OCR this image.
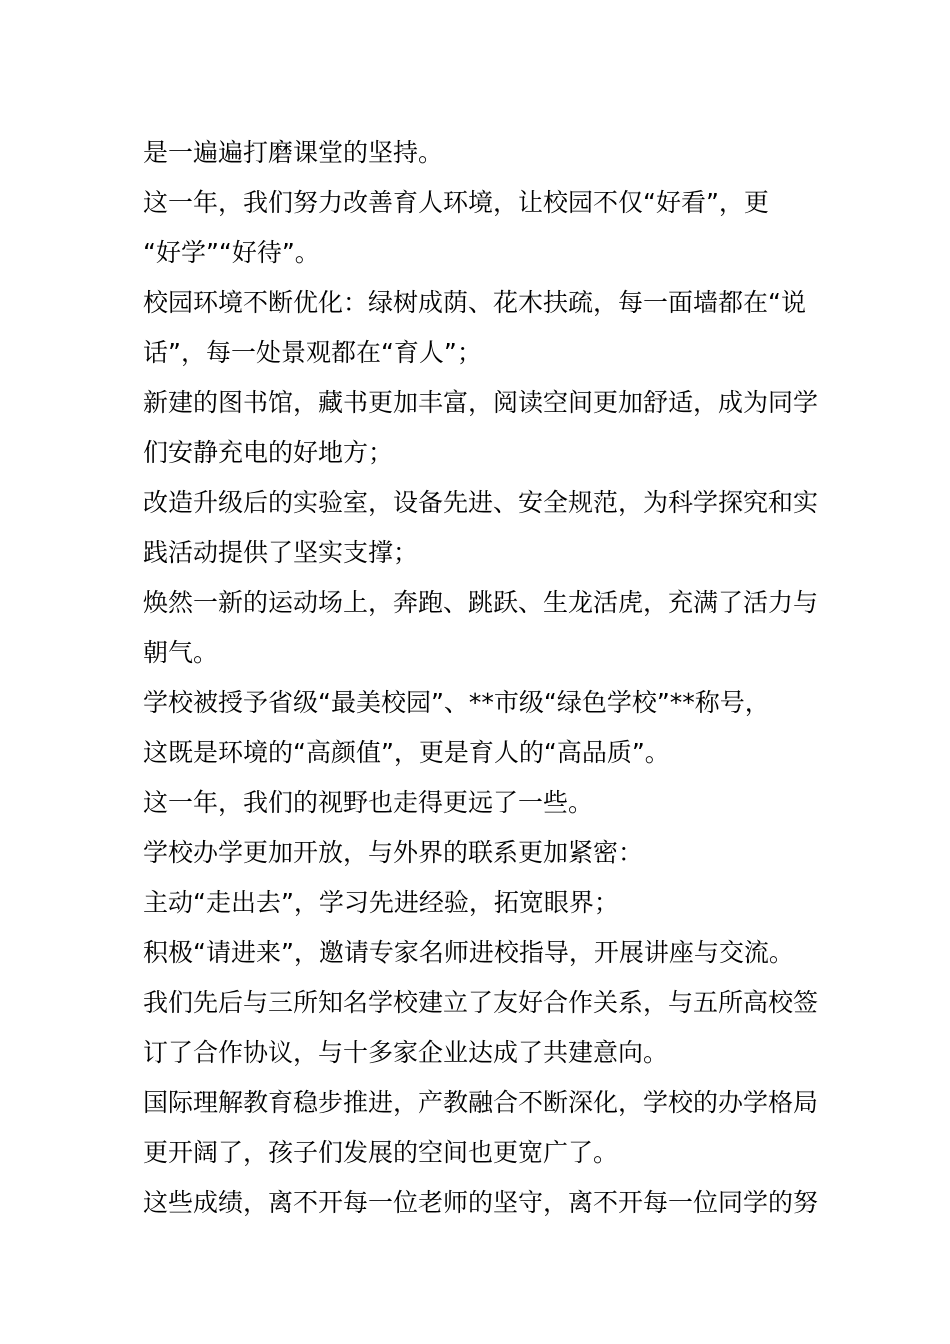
是一遍遍打磨课堂的坚持。
这一年，我们努力改善育人环境，让校园不仅“好看”，更
“好学”“好待”。
校园环境不断优化：绿树成荫、花木扶疏，每一面墙都在“说
话”，每一处景观都在“育人”；
新建的图书馆，藏书更加丰富，阅读空间更加舒适，成为同学
们安静充电的好地方；
改造升级后的实验室，设备先进、安全规范，为科学探究和实
践活动提供了坚实支撑；
焕然一新的运动场上，奔跑、跳跃、生龙活虎，充满了活力与
朝气。
学校被授予省级“最美校园”、**市级“绿色学校”**称号，
这既是环境的“高颜值”，更是育人的“高品质”。
这一年，我们的视野也走得更远了一些。
学校办学更加开放，与外界的联系更加紧密：
主动“走出去”，学习先进经验，拓宽眼界；
积极“请进来”，邀请专家名师进校指导，开展讲座与交流。
我们先后与三所知名学校建立了友好合作关系，与五所高校签
订了合作协议，与十多家企业达成了共建意向。
国际理解教育稳步推进，产教融合不断深化，学校的办学格局
更开阔了，孩子们发展的空间也更宽广了。
这些成绩，离不开每一位老师的坚守，离不开每一位同学的努
